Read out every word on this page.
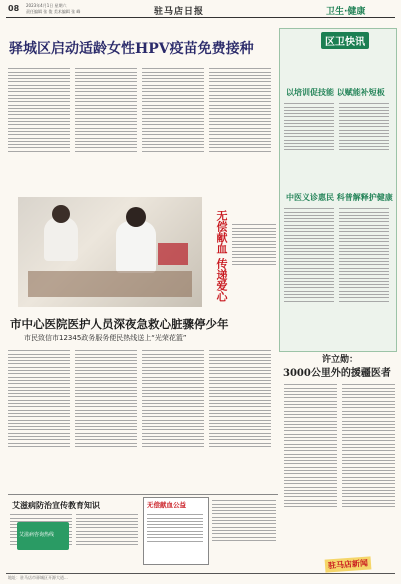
08 2023年4月1日 星期六
责任编辑 张 俊 美术编辑 张 峰	驻马店日报	卫生·健康
驿城区启动适龄女性HPV疫苗免费接种	区卫快讯
以培训促技能 以赋能补短板
中医义诊惠民 科普解释护健康
无偿献血 传递爱心
许立勋：
3000公里外的援疆医者
市中心医院医护人员深夜急救心脏骤停少年
市民致信市12345政务服务便民热线送上“光荣花篮”
艾滋病防治宣传教育知识
艾滋病咨询热线
无偿献血公益
驻马店新闻
地址：驻马店市驿城区开源大道...
